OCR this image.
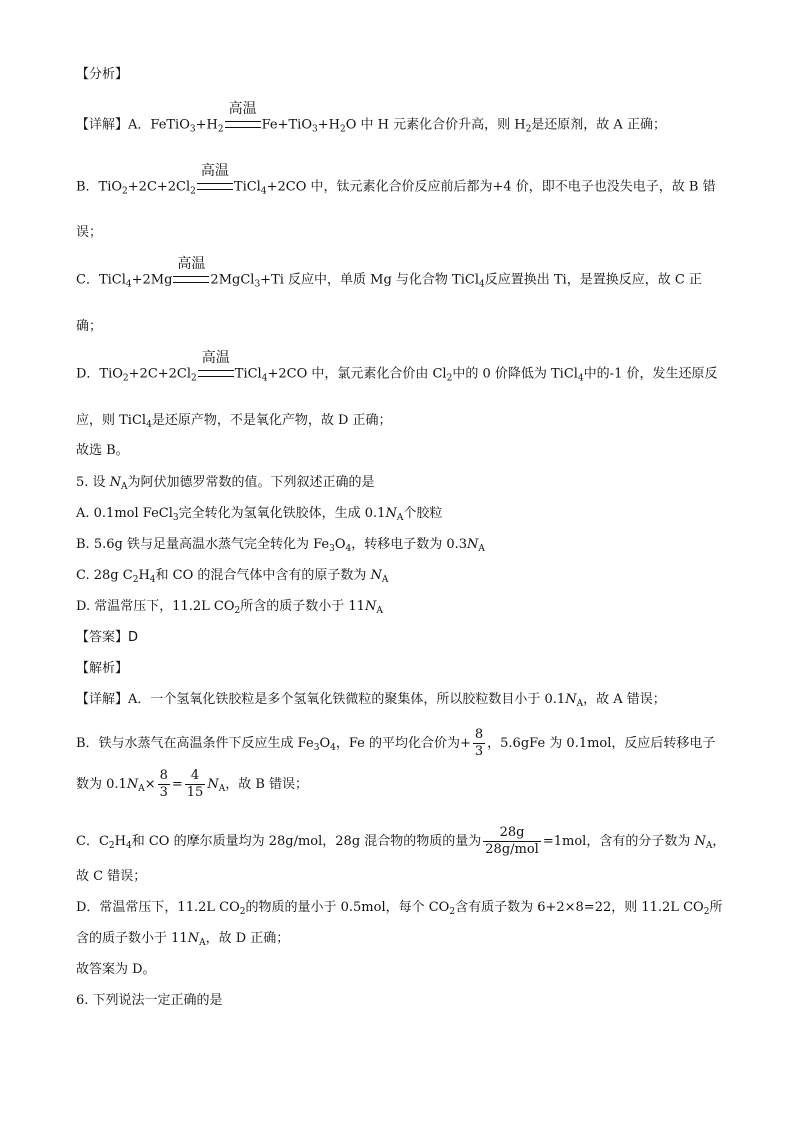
【分析】
【详解】A．$FeTiO_3+H_2$
高温
$Fe+TiO_3+H_2O$ 中 H 元素化合价升高，则 $H_2$是还原剂，故 A 正确；
B．$TiO_2+2C+2Cl_2$
高温
TiCl$_4$+2CO 中，钛元素化合价反应前后都为+4 价，即不电子也没失电子，故 B 错
误；
C．TiCl$_4$+2Mg
高温
2MgCl$_3$+Ti 反应中，单质 Mg 与化合物 TiCl$_4$反应置换出 Ti，是置换反应，故 C 正
确；
D．$TiO_2+2C+2Cl_2$
高温
TiCl$_4$+2CO 中，氯元素化合价由 $Cl_2$中的 0 价降低为 TiCl$_4$中的-1 价，发生还原反
应，则 TiCl$_4$是还原产物，不是氧化产物，故 D 正确；
故选 B。
5. 设 $N_A$为阿伏加德罗常数的值。下列叙述正确的是
A. 0.1mol FeCl$_3$完全转化为氢氧化铁胶体，生成 $0.1N_A$个胶粒
B. 5.6g 铁与足量高温水蒸气完全转化为 $Fe_3O_4$，转移电子数为 $0.3N_A$
C. 28g $C_2H_4$和 CO 的混合气体中含有的原子数为 $N_A$
D. 常温常压下，11.2L $CO_2$所含的质子数小于 $11N_A$
【答案】D
【解析】
【详解】A．一个氢氧化铁胶粒是多个氢氧化铁微粒的聚集体，所以胶粒数目小于 $0.1N_A$，故 A 错误；
B．铁与水蒸气在高温条件下反应生成 $Fe_3O_4$，Fe 的平均化合价为+ $\frac{8}{3}$ ，5.6gFe 为 0.1mol，反应后转移电子
数为 $0.1N_A\times \frac{8}{3} = \frac{4}{15} N_A$，故 B 错误；
C．$C_2H_4$和 CO 的摩尔质量均为 28g/mol，28g 混合物的物质的量为 $\frac{28g}{\text{28g/mol}} =1mol$，含有的分子数为 $N_A$，
故 C 错误；
D．常温常压下，11.2L $CO_2$的物质的量小于 0.5mol，每个 $CO_2$含有质子数为 6+2×8=22，则 11.2L $CO_2$所
含的质子数小于 $11N_A$，故 D 正确；
故答案为 D。
6. 下列说法一定正确的是
